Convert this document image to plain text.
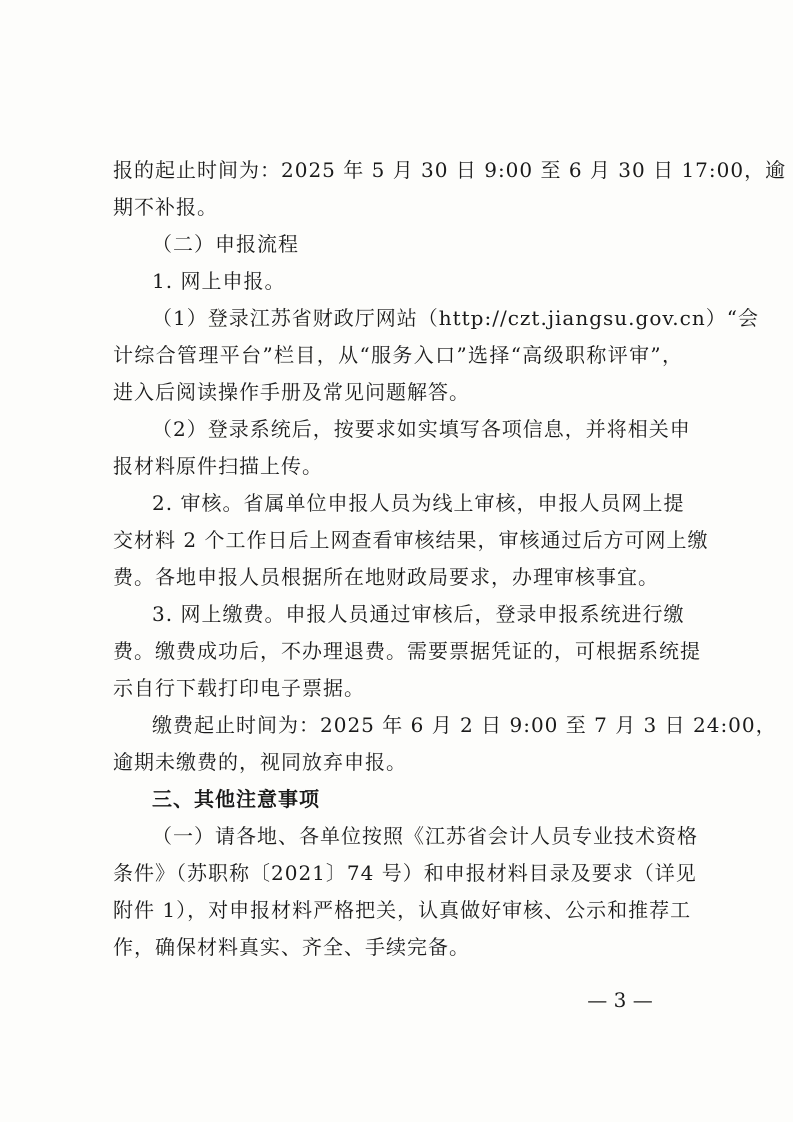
报的起止时间为：2025 年 5 月 30 日 9:00 至 6 月 30 日 17:00，逾
期不补报。
（二）申报流程
1. 网上申报。
（1）登录江苏省财政厅网站（http://czt.jiangsu.gov.cn）“会
计综合管理平台”栏目，从“服务入口”选择“高级职称评审”，
进入后阅读操作手册及常见问题解答。
（2）登录系统后，按要求如实填写各项信息，并将相关申
报材料原件扫描上传。
2. 审核。省属单位申报人员为线上审核，申报人员网上提
交材料 2 个工作日后上网查看审核结果，审核通过后方可网上缴
费。各地申报人员根据所在地财政局要求，办理审核事宜。
3. 网上缴费。申报人员通过审核后，登录申报系统进行缴
费。缴费成功后，不办理退费。需要票据凭证的，可根据系统提
示自行下载打印电子票据。
缴费起止时间为：2025 年 6 月 2 日 9:00 至 7 月 3 日 24:00，
逾期未缴费的，视同放弃申报。
三、其他注意事项
（一）请各地、各单位按照《江苏省会计人员专业技术资格
条件》（苏职称〔2021〕74 号）和申报材料目录及要求（详见
附件 1），对申报材料严格把关，认真做好审核、公示和推荐工
作，确保材料真实、齐全、手续完备。
— 3 —
